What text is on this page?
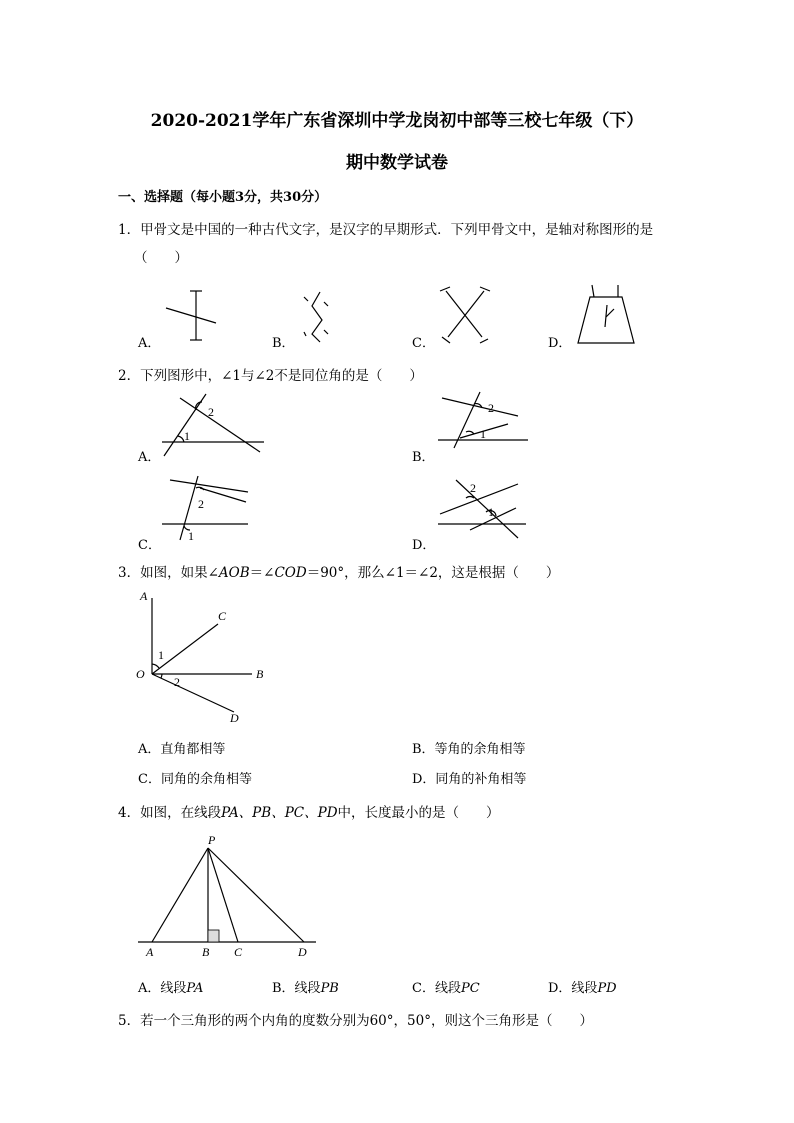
2020-2021学年广东省深圳中学龙岗初中部等三校七年级（下）
期中数学试卷
一、选择题（每小题3分，共30分）
1．甲骨文是中国的一种古代文字，是汉字的早期形式．下列甲骨文中，是轴对称图形的是
（　　）
A．	B．	C．	D．
2．下列图形中，∠1与∠2不是同位角的是（　　）
A．	B．
C．	D．
1
2	2
1
2
1
2
1
3．如图，如果∠AOB＝∠COD＝90°，那么∠1＝∠2，这是根据（　　）
A
C
B
O
1
2
D
A．直角都相等	B．等角的余角相等
C．同角的余角相等	D．同角的补角相等
4．如图，在线段PA、PB、PC、PD中，长度最小的是（　　）
P
A	B C	D
A．线段PA	B．线段PB	C．线段PC	D．线段PD
5．若一个三角形的两个内角的度数分别为60°，50°，则这个三角形是（　　）
